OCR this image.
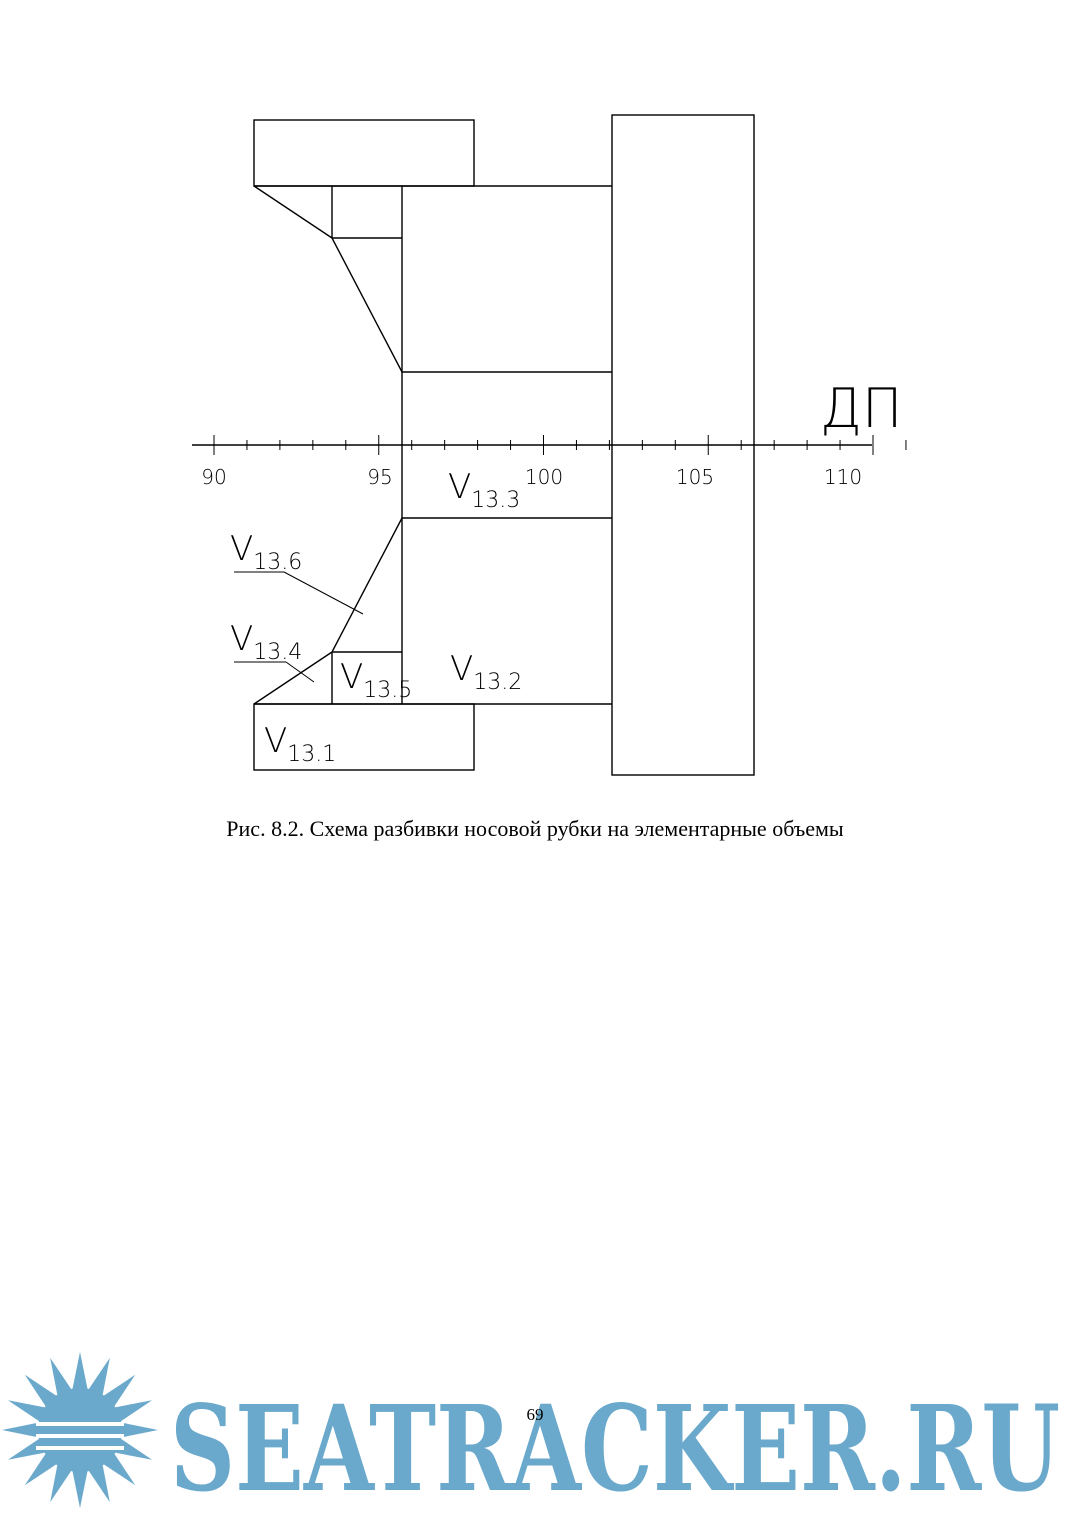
90	95	100	105	110
ДП
V13.3
V13.6
V13.4
V13.5
V13.2
V13.1
Рис. 8.2. Схема разбивки носовой рубки на элементарные объемы
SEATRACKER.RU
69
